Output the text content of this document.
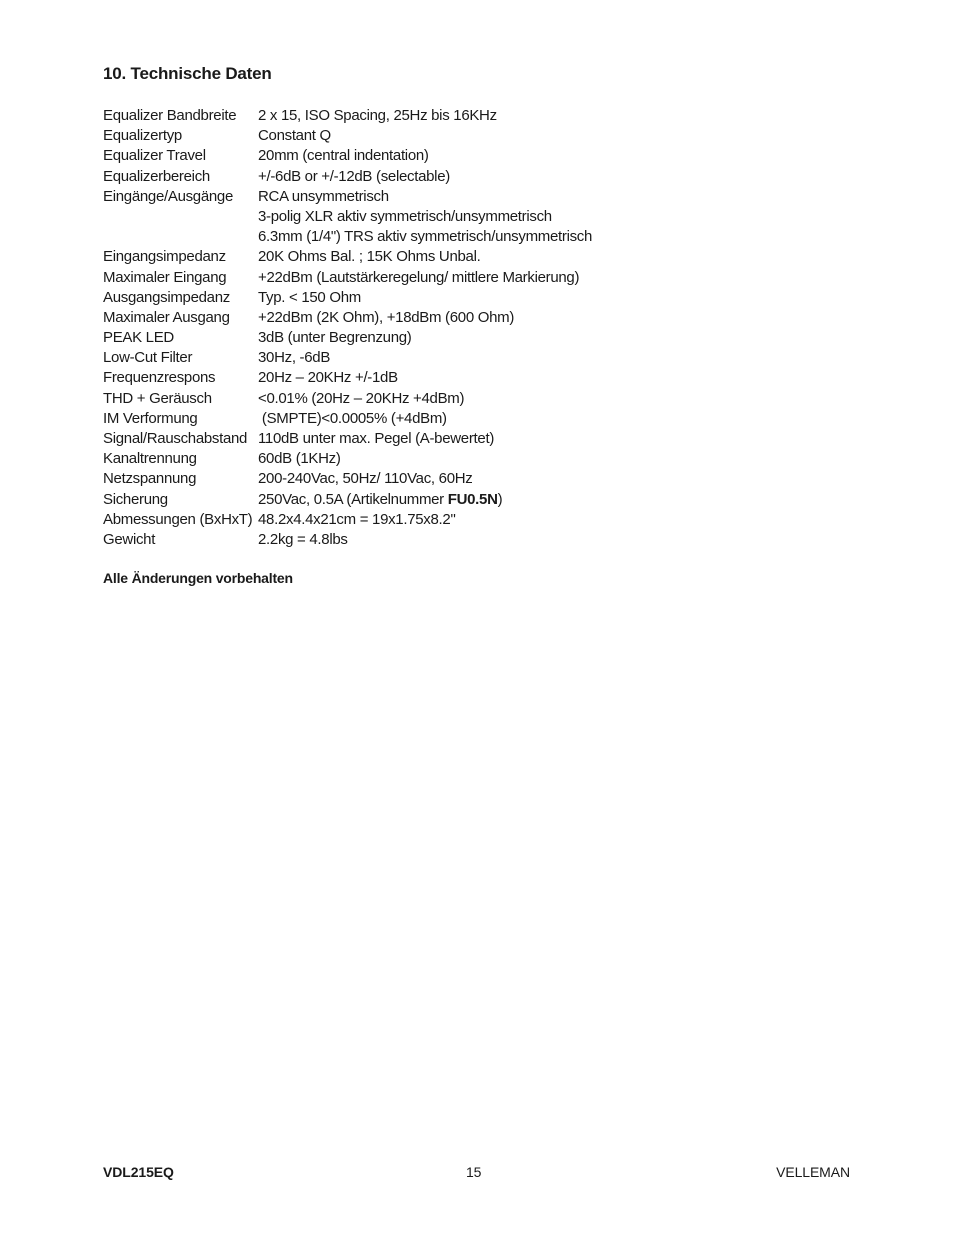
10. Technische Daten
Equalizer Bandbreite 2 x 15, ISO Spacing, 25Hz bis 16KHz
Equalizertyp	Constant Q
Equalizer Travel	20mm (central indentation)
Equalizerbereich	+/-6dB or +/-12dB (selectable)
Eingänge/Ausgänge RCA unsymmetrisch
3-polig XLR aktiv symmetrisch/unsymmetrisch
6.3mm (1/4") TRS aktiv symmetrisch/unsymmetrisch
Eingangsimpedanz 20K Ohms Bal. ; 15K Ohms Unbal.
Maximaler Eingang +22dBm (Lautstärkeregelung/ mittlere Markierung)
Ausgangsimpedanz Typ. < 150 Ohm
Maximaler Ausgang +22dBm (2K Ohm), +18dBm (600 Ohm)
PEAK LED	3dB (unter Begrenzung)
Low-Cut Filter	30Hz, -6dB
Frequenzrespons	20Hz – 20KHz +/-1dB
THD + Geräusch	<0.01% (20Hz – 20KHz +4dBm)
IM Verformung	(SMPTE)<0.0005% (+4dBm)
Signal/Rauschabstand 110dB unter max. Pegel (A-bewertet)
Kanaltrennung	60dB (1KHz)
Netzspannung	200-240Vac, 50Hz/ 110Vac, 60Hz
Sicherung	250Vac, 0.5A (Artikelnummer FU0.5N)
Abmessungen (BxHxT) 48.2x4.4x21cm = 19x1.75x8.2"
Gewicht	2.2kg = 4.8lbs
Alle Änderungen vorbehalten
VDL215EQ	15	VELLEMAN
